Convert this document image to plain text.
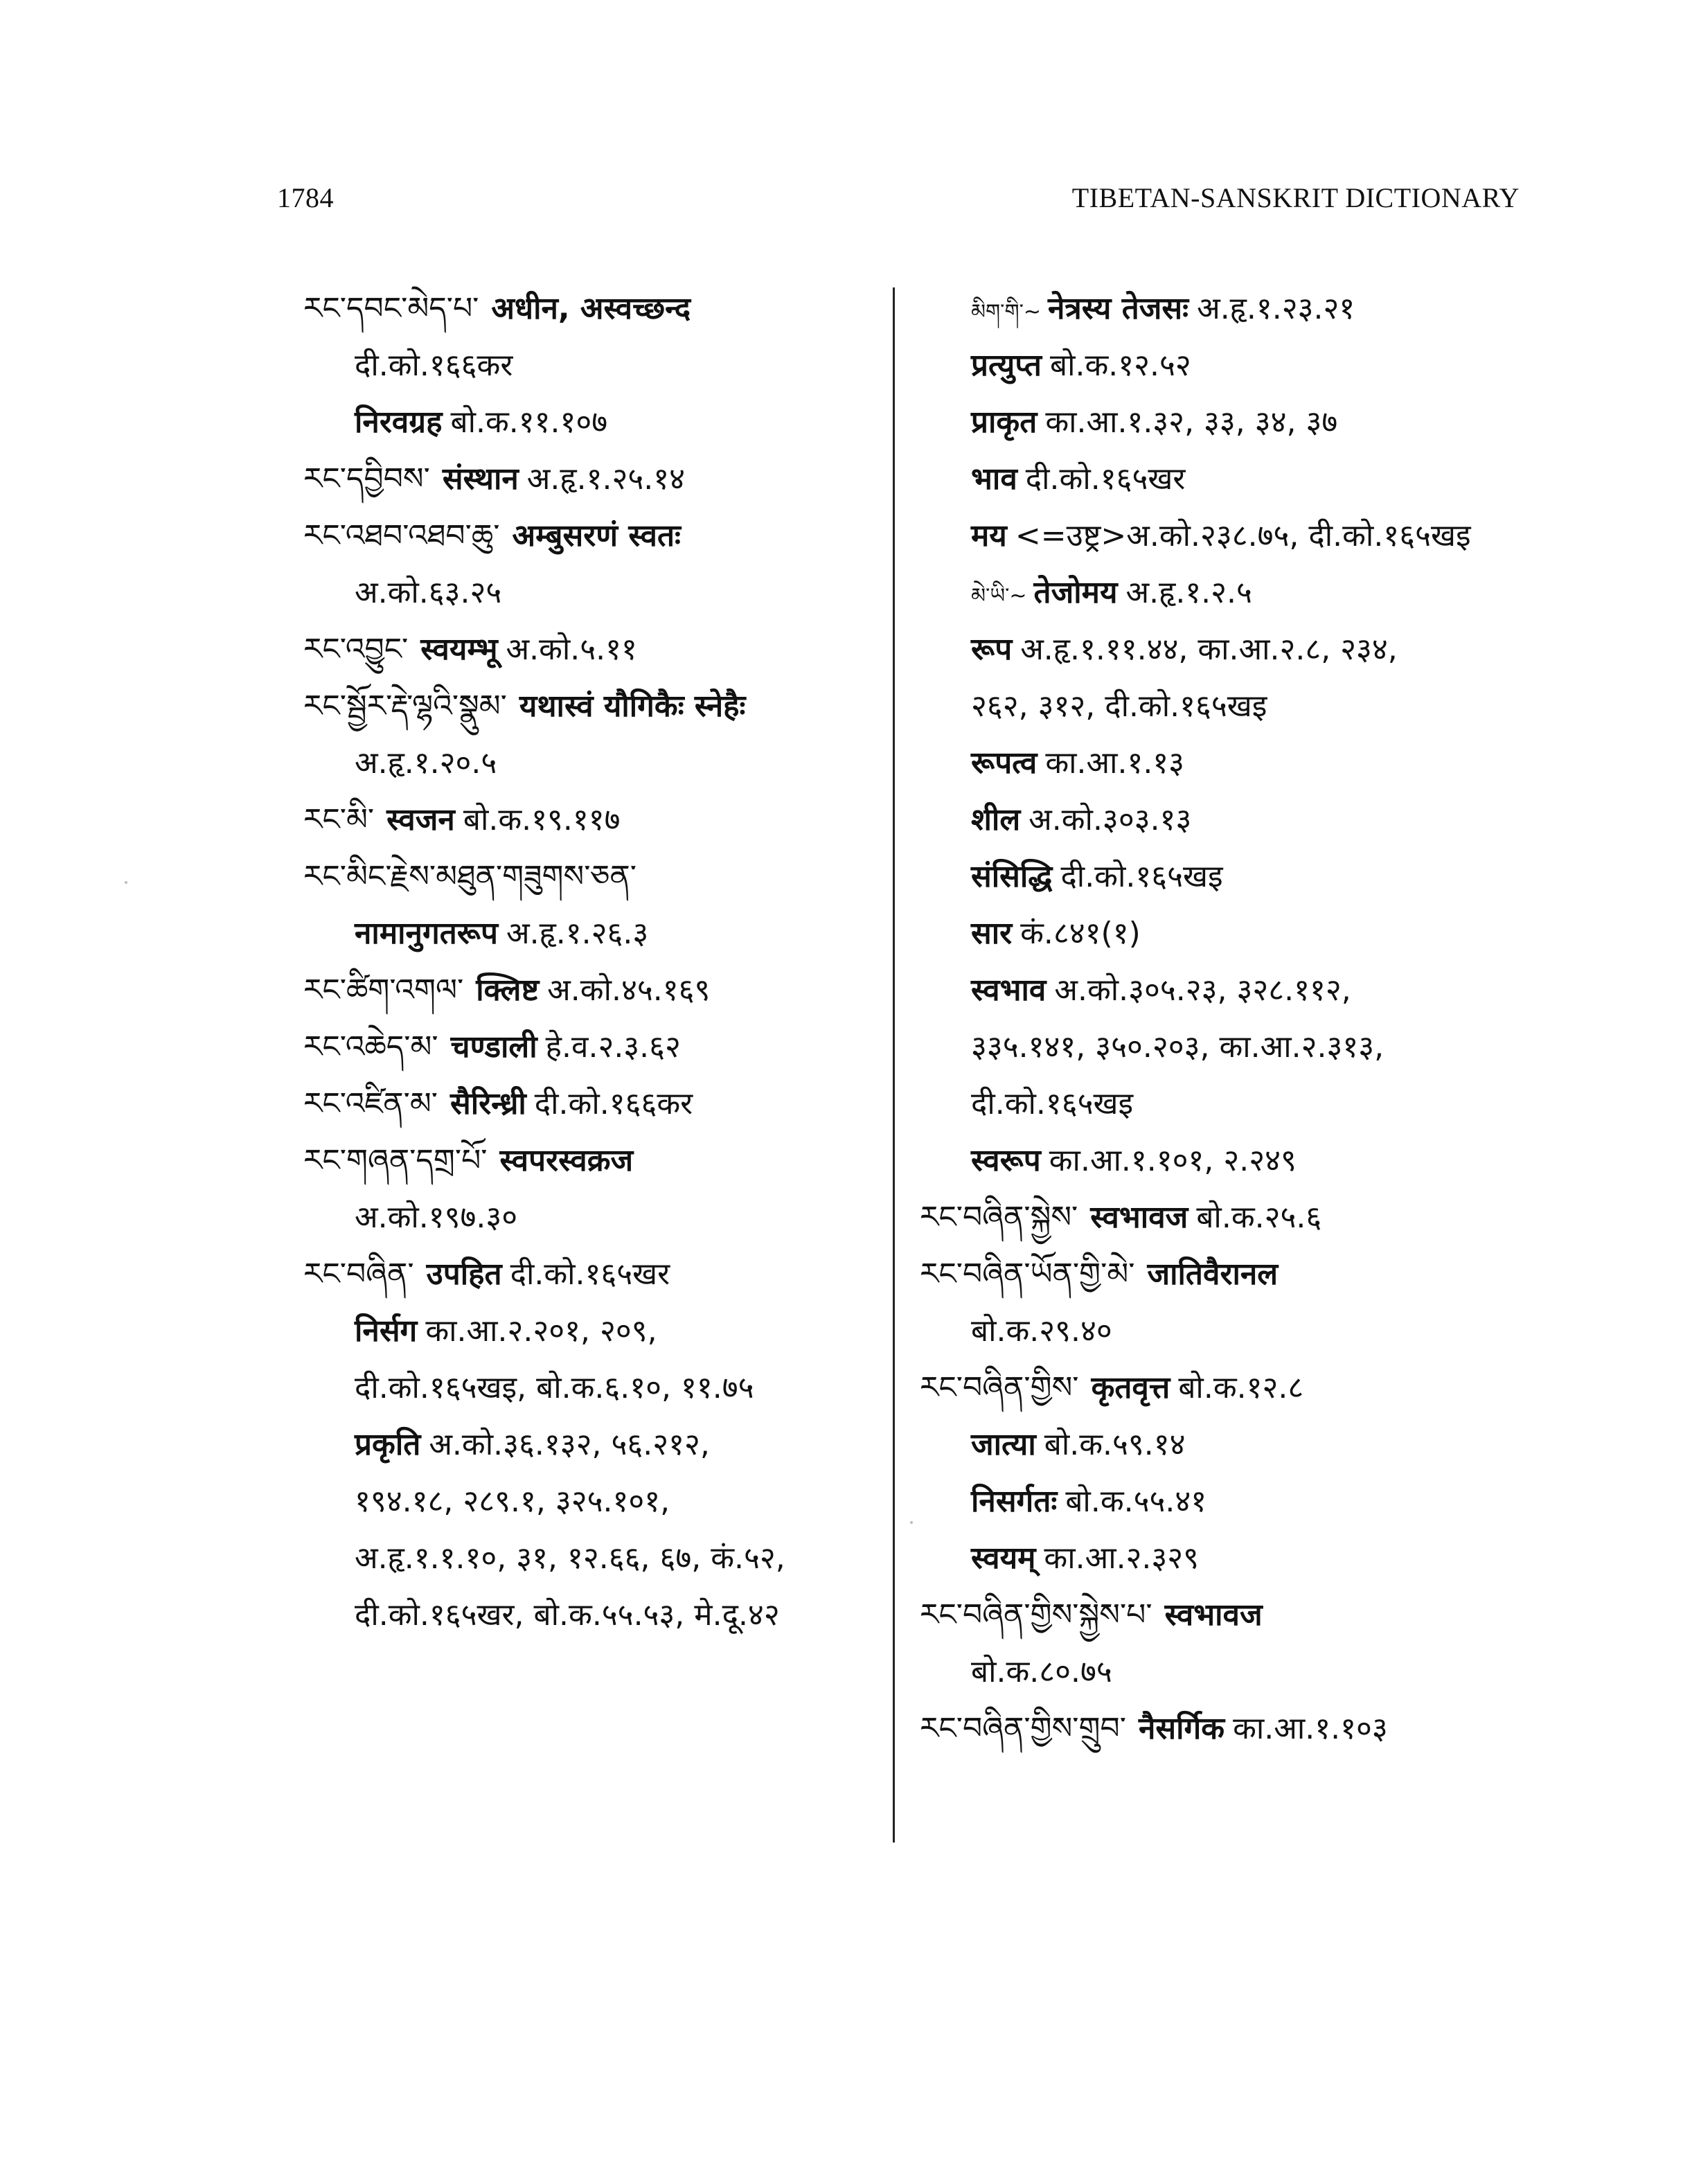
1784	TIBETAN-SANSKRIT DICTIONARY
རང་དབང་མེད་པ་ अधीन, अस्वच्छन्द
दी.को.१६६कर
निरवग्रह बो.क.११.१०७
རང་དབྱིབས་ संस्थान अ.हृ.१.२५.१४
རང་འཐབ་འཐབ་ཆུ་ अम्बुसरणं स्वतः
अ.को.६३.२५
རང་འབྱུང་ स्वयम्भू अ.को.५.११
རང་སྦྱོར་རྡེ་ལྷའི་སྣུམ་ यथास्वं यौगिकैः स्नेहैः
अ.हृ.१.२०.५
རང་མི་ स्वजन बो.क.१९.११७
རང་མིང་རྗེས་མཐུན་གཟུགས་ཅན་
नामानुगतरूप अ.हृ.१.२६.३
རང་ཚིག་འགལ་ क्लिष्ट अ.को.४५.१६९
རང་འཆེད་མ་ चण्डाली हे.व.२.३.६२
རང་འཛིན་མ་ सैरिन्ध्री दी.को.१६६कर
རང་གཞན་དགྲ་པོ་ स्वपरस्वक्रज
अ.को.१९७.३०
རང་བཞིན་ उपहित दी.को.१६५खर
निर्सग का.आ.२.२०१, २०९,
दी.को.१६५खइ, बो.क.६.१०, ११.७५
प्रकृति अ.को.३६.१३२, ५६.२१२,
१९४.१८, २८९.१, ३२५.१०१,
अ.हृ.१.१.१०, ३१, १२.६६, ६७, कं.५२,
दी.को.१६५खर, बो.क.५५.५३, मे.दू.४२
མིག་གི་~ नेत्रस्य तेजसः अ.हृ.१.२३.२१
प्रत्युप्त बो.क.१२.५२
प्राकृत का.आ.१.३२, ३३, ३४, ३७
भाव दी.को.१६५खर
मय <=उष्ट्र>अ.को.२३८.७५, दी.को.१६५खइ
མེ་ཡི་~ तेजोमय अ.हृ.१.२.५
रूप अ.हृ.१.११.४४, का.आ.२.८, २३४,
२६२, ३१२, दी.को.१६५खइ
रूपत्व का.आ.१.१३
शील अ.को.३०३.१३
संसिद्धि दी.को.१६५खइ
सार कं.८४१(१)
स्वभाव अ.को.३०५.२३, ३२८.११२,
३३५.१४१, ३५०.२०३, का.आ.२.३१३,
दी.को.१६५खइ
स्वरूप का.आ.१.१०१, २.२४९
རང་བཞིན་སྐྱེས་ स्वभावज बो.क.२५.६
རང་བཞིན་ཡོན་གྱི་མེ་ जातिवैरानल
बो.क.२९.४०
རང་བཞིན་གྱིས་ कृतवृत्त बो.क.१२.८
जात्या बो.क.५९.१४
निसर्गतः बो.क.५५.४१
स्वयम् का.आ.२.३२९
རང་བཞིན་གྱིས་སྐྱེས་པ་ स्वभावज
बो.क.८०.७५
རང་བཞིན་གྱིས་གྲུབ་ नैसर्गिक का.आ.१.१०३
